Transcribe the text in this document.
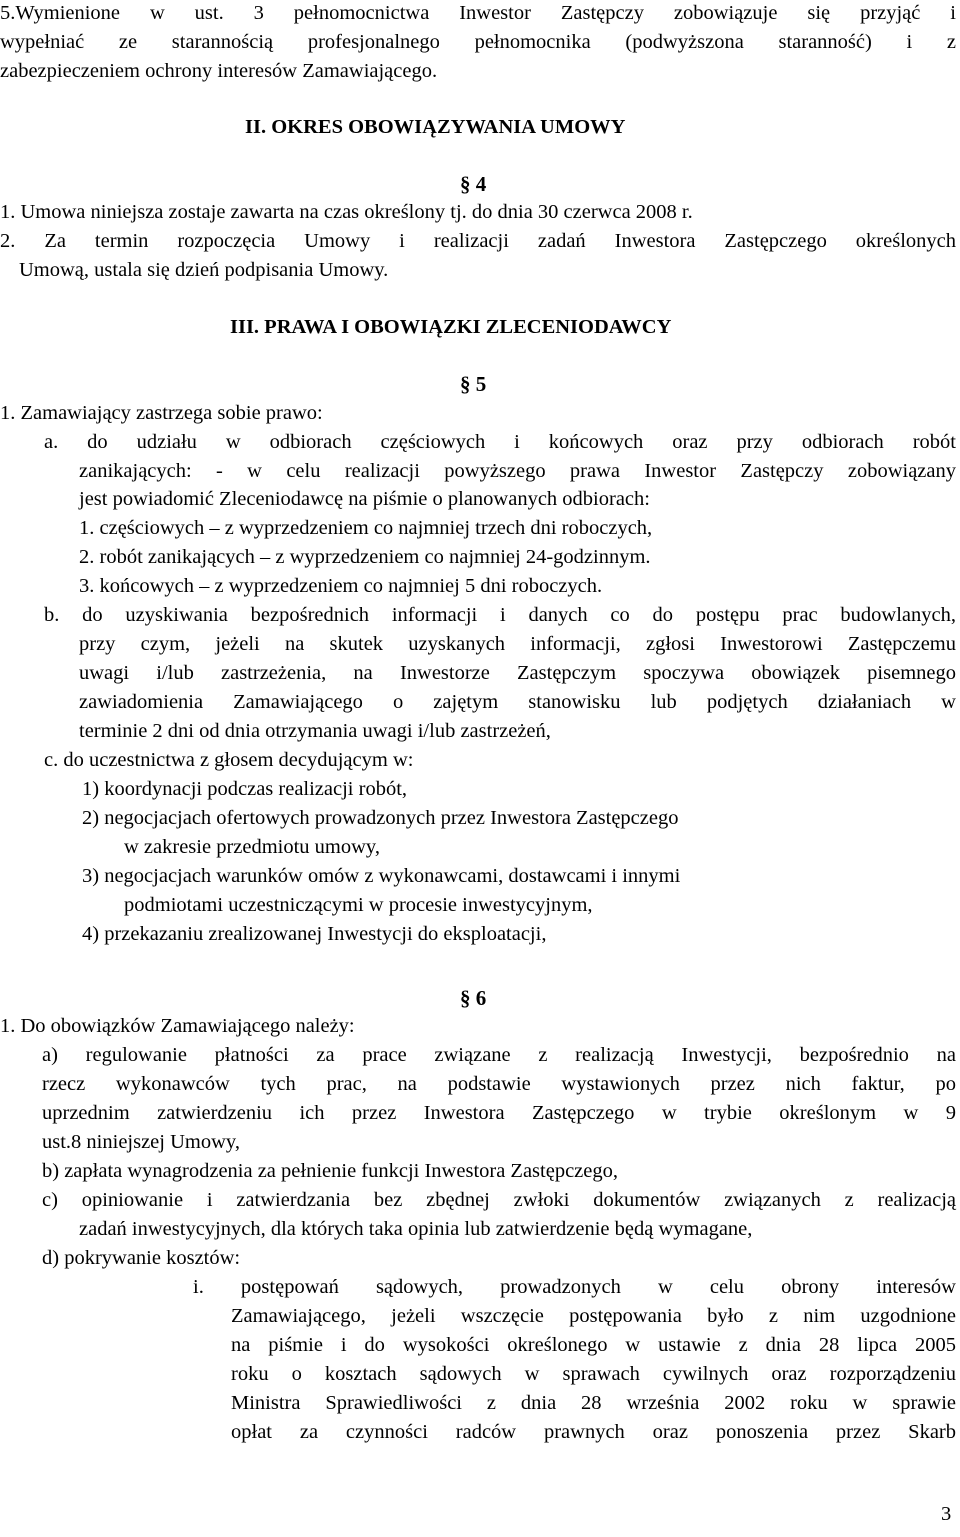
5.Wymienione w ust. 3 pełnomocnictwa Inwestor Zastępczy zobowiązuje się przyjąć i
wypełniać ze starannością profesjonalnego pełnomocnika (podwyższona staranność) i z
zabezpieczeniem ochrony interesów Zamawiającego.
II. OKRES OBOWIĄZYWANIA UMOWY
§ 4
1. Umowa niniejsza zostaje zawarta na czas określony tj. do dnia 30 czerwca 2008 r.
2. Za termin rozpoczęcia Umowy i realizacji zadań Inwestora Zastępczego określonych
Umową, ustala się dzień podpisania Umowy.
III. PRAWA I OBOWIĄZKI ZLECENIODAWCY
§ 5
1. Zamawiający zastrzega sobie prawo:
a. do udziału w odbiorach częściowych i końcowych oraz przy odbiorach robót
zanikających: - w celu realizacji powyższego prawa Inwestor Zastępczy zobowiązany
jest powiadomić Zleceniodawcę na piśmie o planowanych odbiorach:
1. częściowych – z wyprzedzeniem co najmniej trzech dni roboczych,
2. robót zanikających – z wyprzedzeniem co najmniej 24-godzinnym.
3. końcowych – z wyprzedzeniem co najmniej 5 dni roboczych.
b. do uzyskiwania bezpośrednich informacji i danych co do postępu prac budowlanych,
przy czym, jeżeli na skutek uzyskanych informacji, zgłosi Inwestorowi Zastępczemu
uwagi i/lub zastrzeżenia, na Inwestorze Zastępczym spoczywa obowiązek pisemnego
zawiadomienia Zamawiającego o zajętym stanowisku lub podjętych działaniach w
terminie 2 dni od dnia otrzymania uwagi i/lub zastrzeżeń,
c. do uczestnictwa z głosem decydującym w:
1) koordynacji podczas realizacji robót,
2) negocjacjach ofertowych prowadzonych przez Inwestora Zastępczego
w zakresie przedmiotu umowy,
3) negocjacjach warunków omów z wykonawcami, dostawcami i innymi
podmiotami uczestniczącymi w procesie inwestycyjnym,
4) przekazaniu zrealizowanej Inwestycji do eksploatacji,
§ 6
1. Do obowiązków Zamawiającego należy:
a) regulowanie płatności za prace związane z realizacją Inwestycji, bezpośrednio na
rzecz wykonawców tych prac, na podstawie wystawionych przez nich faktur, po
uprzednim zatwierdzeniu ich przez Inwestora Zastępczego w trybie określonym w 9
ust.8 niniejszej Umowy,
b) zapłata wynagrodzenia za pełnienie funkcji Inwestora Zastępczego,
c) opiniowanie i zatwierdzania bez zbędnej zwłoki dokumentów związanych z realizacją
zadań inwestycyjnych, dla których taka opinia lub zatwierdzenie będą wymagane,
d) pokrywanie kosztów:
i. postępowań sądowych, prowadzonych w celu obrony interesów
Zamawiającego, jeżeli wszczęcie postępowania było z nim uzgodnione
na piśmie i do wysokości określonego w ustawie z dnia 28 lipca 2005
roku o kosztach sądowych w sprawach cywilnych oraz rozporządzeniu
Ministra Sprawiedliwości z dnia 28 września 2002 roku w sprawie
opłat za czynności radców prawnych oraz ponoszenia przez Skarb
3
